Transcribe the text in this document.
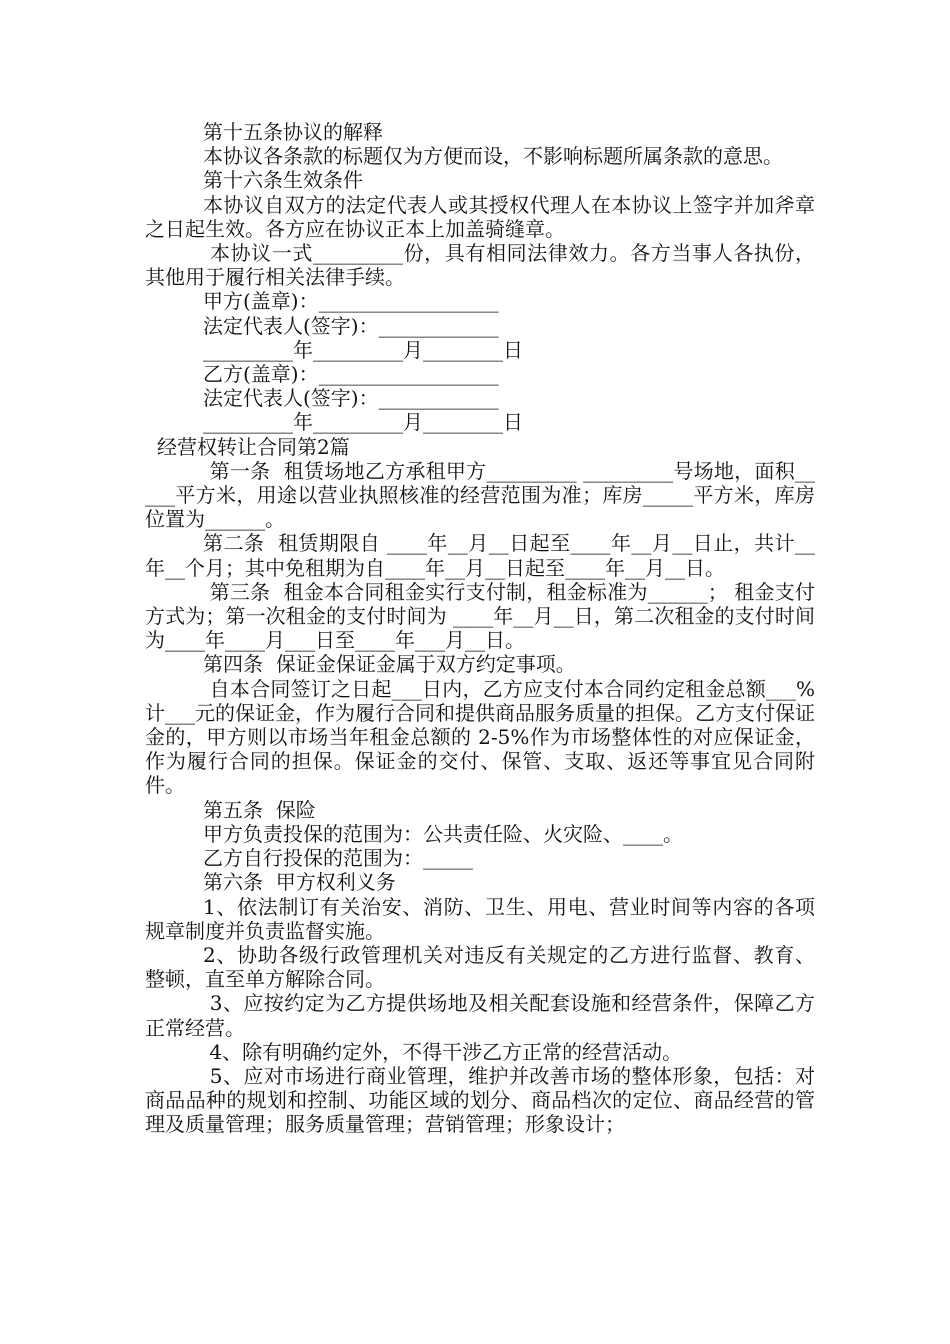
第十五条协议的解释

本协议各条款的标题仅为方便而设，不影响标题所属条款的意思。

第十六条生效条件

本协议自双方的法定代表人或其授权代理人在本协议上签字并加斧章之日起生效。各方应在协议正本上加盖骑缝章。

本协议一式_________份，具有相同法律效力。各方当事人各执份，其他用于履行相关法律手续。

甲方(盖章)：__________________

法定代表人(签字)：____________

_________年_________月________日

乙方(盖章)：__________________

法定代表人(签字)：____________

_________年_________月________日

经营权转让合同第2篇

第一条  租赁场地乙方承租甲方_________ _________号场地，面积_____平方米，用途以营业执照核准的经营范围为准；库房_____平方米，库房位置为______。

第二条  租赁期限自 ____年__月__日起至____年__月__日止，共计__年__个月；其中免租期为自____年__月__日起至____年__月__日。

第三条  租金本合同租金实行支付制，租金标准为______； 租金支付方式为；第一次租金的支付时间为 ____年__月__日，第二次租金的支付时间为____年____月___日至____年___月__日。

第四条  保证金保证金属于双方约定事项。

自本合同签订之日起___日内，乙方应支付本合同约定租金总额___%计___元的保证金，作为履行合同和提供商品服务质量的担保。乙方支付保证金的，甲方则以市场当年租金总额的 2-5%作为市场整体性的对应保证金，作为履行合同的担保。保证金的交付、保管、支取、返还等事宜见合同附件。

第五条  保险

甲方负责投保的范围为：公共责任险、火灾险、____。

乙方自行投保的范围为：_____

第六条  甲方权利义务

1、依法制订有关治安、消防、卫生、用电、营业时间等内容的各项规章制度并负责监督实施。

2、协助各级行政管理机关对违反有关规定的乙方进行监督、教育、整顿，直至单方解除合同。

3、应按约定为乙方提供场地及相关配套设施和经营条件，保障乙方正常经营。

4、除有明确约定外，不得干涉乙方正常的经营活动。

5、应对市场进行商业管理，维护并改善市场的整体形象，包括：对商品品种的规划和控制、功能区域的划分、商品档次的定位、商品经营的管理及质量管理；服务质量管理；营销管理；形象设计；
